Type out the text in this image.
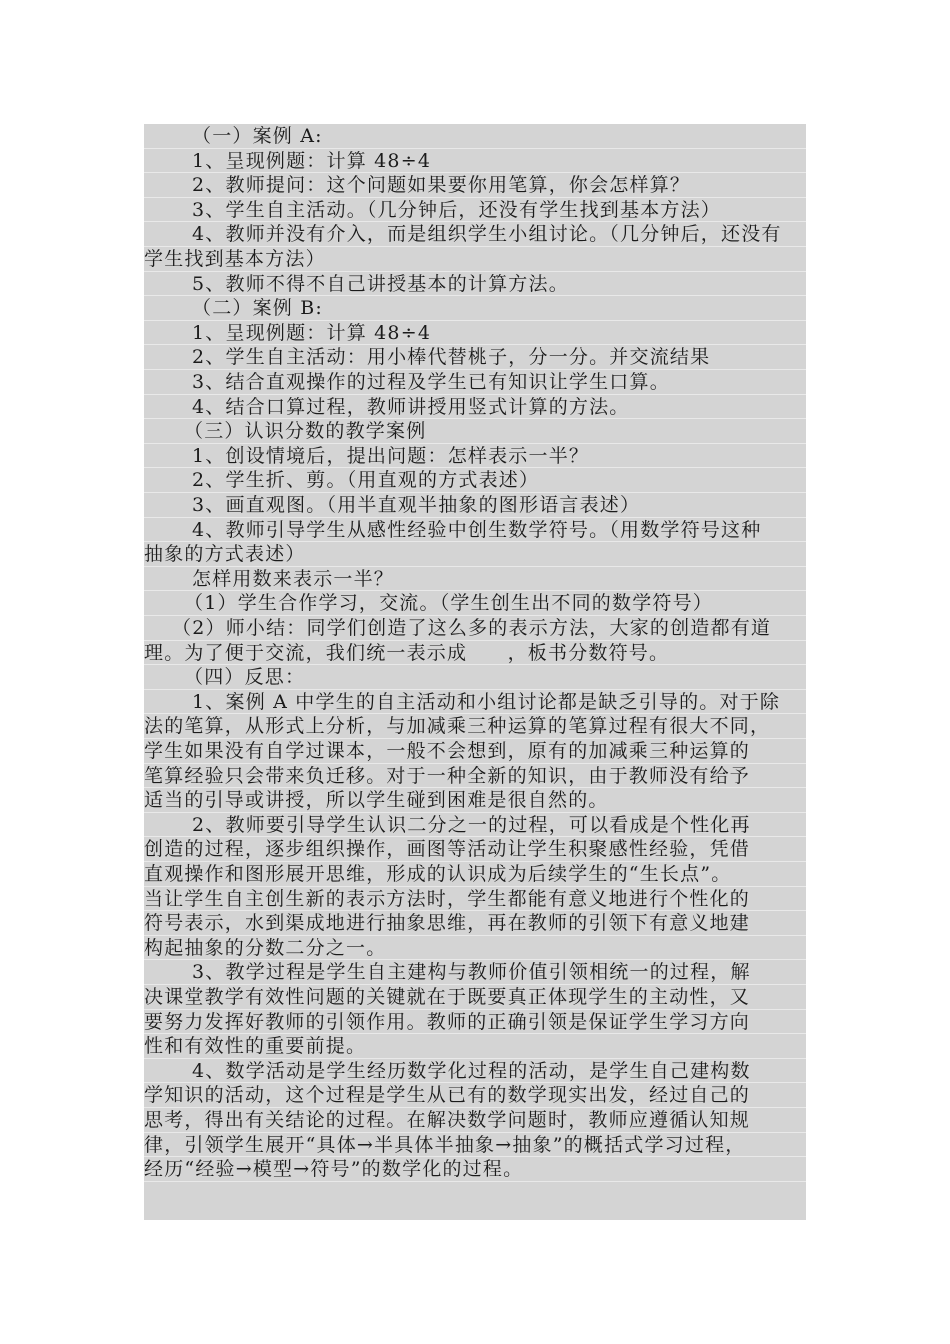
（一）案例 A:
1、呈现例题：计算 48÷4
2、教师提问：这个问题如果要你用笔算，你会怎样算？
3、学生自主活动。（几分钟后，还没有学生找到基本方法）
4、教师并没有介入，而是组织学生小组讨论。（几分钟后，还没有
学生找到基本方法）
5、教师不得不自己讲授基本的计算方法。
（二）案例 B:
1、呈现例题：计算 48÷4
2、学生自主活动：用小棒代替桃子，分一分。并交流结果
3、结合直观操作的过程及学生已有知识让学生口算。
4、结合口算过程，教师讲授用竖式计算的方法。
（三）认识分数的教学案例
1、创设情境后，提出问题：怎样表示一半？
2、学生折、剪。（用直观的方式表述）
3、画直观图。（用半直观半抽象的图形语言表述）
4、教师引导学生从感性经验中创生数学符号。（用数学符号这种
抽象的方式表述）
怎样用数来表示一半？
（1）学生合作学习，交流。（学生创生出不同的数学符号）
（2）师小结：同学们创造了这么多的表示方法，大家的创造都有道
理。为了便于交流，我们统一表示成　　，板书分数符号。
（四）反思：
1、案例 A 中学生的自主活动和小组讨论都是缺乏引导的。对于除
法的笔算，从形式上分析，与加减乘三种运算的笔算过程有很大不同，
学生如果没有自学过课本，一般不会想到，原有的加减乘三种运算的
笔算经验只会带来负迁移。对于一种全新的知识，由于教师没有给予
适当的引导或讲授，所以学生碰到困难是很自然的。
2、教师要引导学生认识二分之一的过程，可以看成是个性化再
创造的过程，逐步组织操作，画图等活动让学生积聚感性经验，凭借
直观操作和图形展开思维，形成的认识成为后续学生的“生长点”。
当让学生自主创生新的表示方法时，学生都能有意义地进行个性化的
符号表示，水到渠成地进行抽象思维，再在教师的引领下有意义地建
构起抽象的分数二分之一。
3、教学过程是学生自主建构与教师价值引领相统一的过程，解
决课堂教学有效性问题的关键就在于既要真正体现学生的主动性，又
要努力发挥好教师的引领作用。教师的正确引领是保证学生学习方向
性和有效性的重要前提。
4、数学活动是学生经历数学化过程的活动，是学生自己建构数
学知识的活动，这个过程是学生从已有的数学现实出发，经过自己的
思考，得出有关结论的过程。在解决数学问题时，教师应遵循认知规
律，引领学生展开“具体→半具体半抽象→抽象”的概括式学习过程，
经历“经验→模型→符号”的数学化的过程。
